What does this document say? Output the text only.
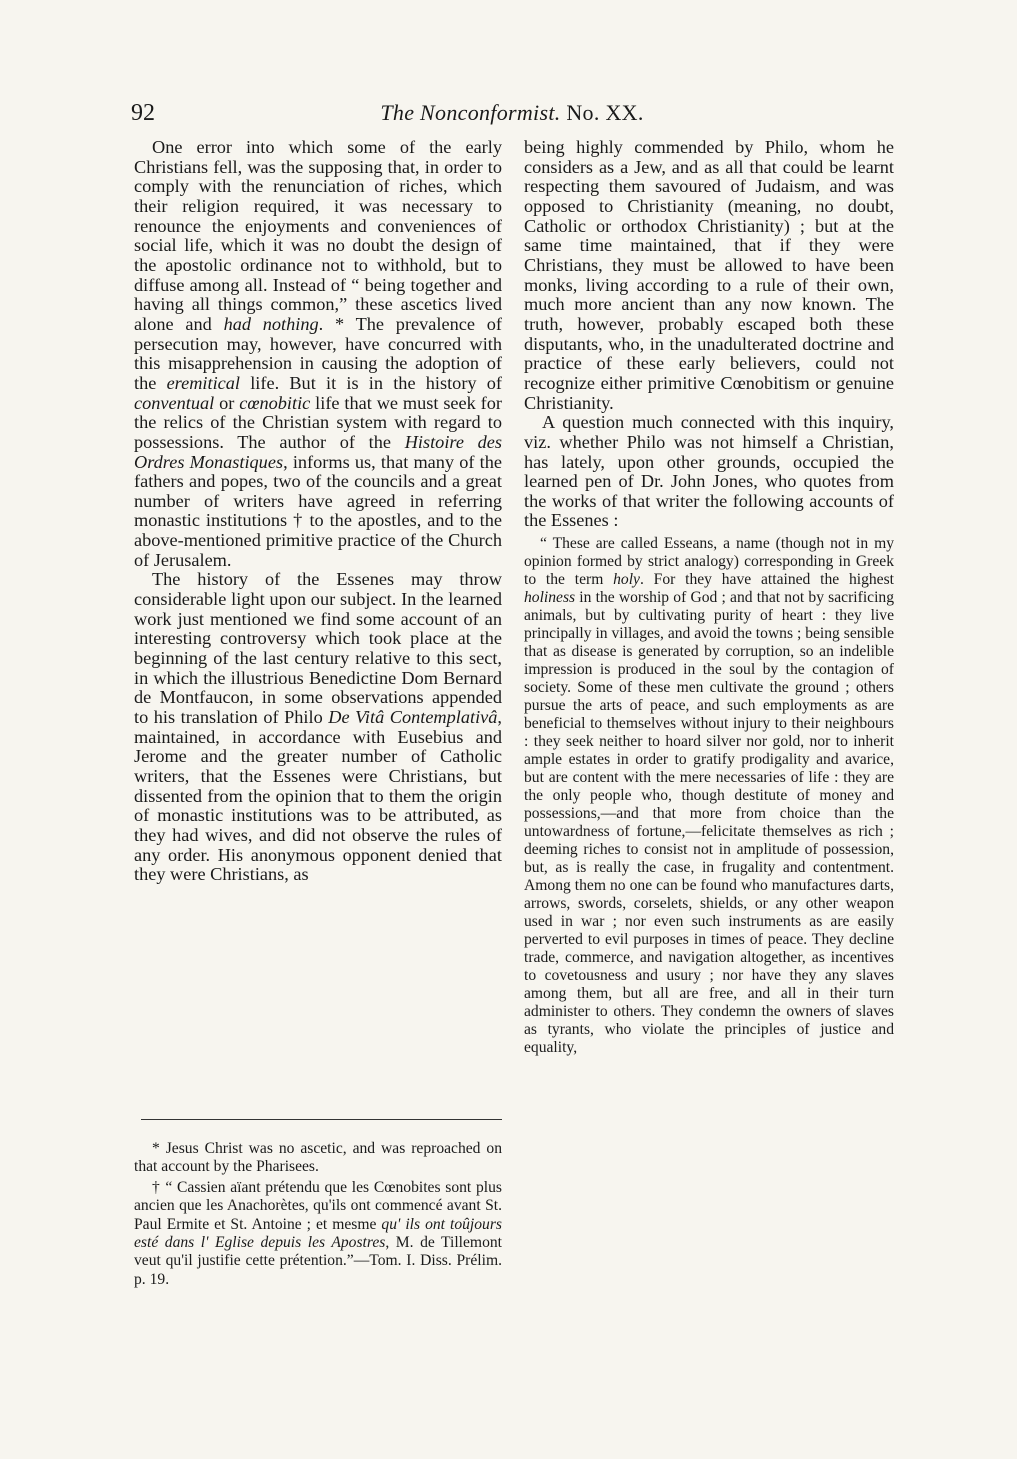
92	The Nonconformist. No. XX.

One error into which some of the early Christians fell, was the supposing that, in order to comply with the renunciation of riches, which their religion required, it was necessary to renounce the enjoyments and conveniences of social life, which it was no doubt the design of the apostolic ordinance not to withhold, but to diffuse among all. Instead of “ being together and having all things common,” these ascetics lived alone and had nothing. * The prevalence of persecution may, however, have concurred with this misapprehension in causing the adoption of the eremitical life. But it is in the history of conventual or cœnobitic life that we must seek for the relics of the Christian system with regard to possessions. The author of the Histoire des Ordres Monastiques, informs us, that many of the fathers and popes, two of the councils and a great number of writers have agreed in referring monastic institutions † to the apostles, and to the above-mentioned primitive practice of the Church of Jerusalem.

The history of the Essenes may throw considerable light upon our subject. In the learned work just mentioned we find some account of an interesting controversy which took place at the beginning of the last century relative to this sect, in which the illustrious Benedictine Dom Bernard de Montfaucon, in some observations appended to his translation of Philo De Vitâ Contemplativâ, maintained, in accordance with Eusebius and Jerome and the greater number of Catholic writers, that the Essenes were Christians, but dissented from the opinion that to them the origin of monastic institutions was to be attributed, as they had wives, and did not observe the rules of any order. His anonymous opponent denied that they were Christians, as

* Jesus Christ was no ascetic, and was reproached on that account by the Pharisees.

† “ Cassien aïant prétendu que les Cœnobites sont plus ancien que les Anachorètes, qu'ils ont commencé avant St. Paul Ermite et St. Antoine ; et mesme qu' ils ont toûjours esté dans l' Eglise depuis les Apostres, M. de Tillemont veut qu'il justifie cette prétention.”—Tom. I. Diss. Prélim. p. 19.

being highly commended by Philo, whom he considers as a Jew, and as all that could be learnt respecting them savoured of Judaism, and was opposed to Christianity (meaning, no doubt, Catholic or orthodox Christianity) ; but at the same time maintained, that if they were Christians, they must be allowed to have been monks, living according to a rule of their own, much more ancient than any now known. The truth, however, probably escaped both these disputants, who, in the unadulterated doctrine and practice of these early believers, could not recognize either primitive Cœnobitism or genuine Christianity.

A question much connected with this inquiry, viz. whether Philo was not himself a Christian, has lately, upon other grounds, occupied the learned pen of Dr. John Jones, who quotes from the works of that writer the following accounts of the Essenes :

“ These are called Esseans, a name (though not in my opinion formed by strict analogy) corresponding in Greek to the term holy. For they have attained the highest holiness in the worship of God ; and that not by sacrificing animals, but by cultivating purity of heart : they live principally in villages, and avoid the towns ; being sensible that as disease is generated by corruption, so an indelible impression is produced in the soul by the contagion of society. Some of these men cultivate the ground ; others pursue the arts of peace, and such employments as are beneficial to themselves without injury to their neighbours : they seek neither to hoard silver nor gold, nor to inherit ample estates in order to gratify prodigality and avarice, but are content with the mere necessaries of life : they are the only people who, though destitute of money and possessions,—and that more from choice than the untowardness of fortune,—felicitate themselves as rich ; deeming riches to consist not in amplitude of possession, but, as is really the case, in frugality and contentment. Among them no one can be found who manufactures darts, arrows, swords, corselets, shields, or any other weapon used in war ; nor even such instruments as are easily perverted to evil purposes in times of peace. They decline trade, commerce, and navigation altogether, as incentives to covetousness and usury ; nor have they any slaves among them, but all are free, and all in their turn administer to others. They condemn the owners of slaves as tyrants, who violate the principles of justice and equality,
